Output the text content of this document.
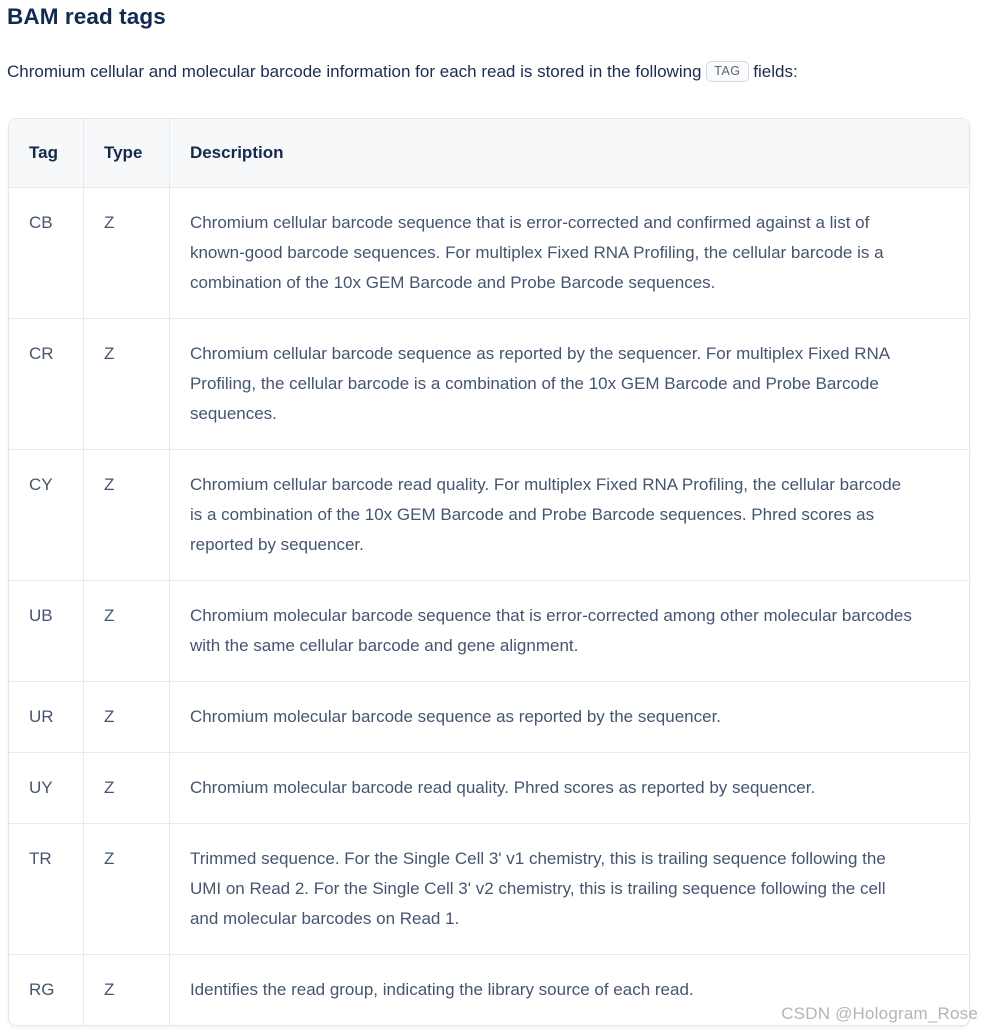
BAM read tags

Chromium cellular and molecular barcode information for each read is stored in the following TAG fields:

Tag	Type	Description
CB	Z	Chromium cellular barcode sequence that is error-corrected and confirmed against a list of known-good barcode sequences. For multiplex Fixed RNA Profiling, the cellular barcode is a combination of the 10x GEM Barcode and Probe Barcode sequences.
CR	Z	Chromium cellular barcode sequence as reported by the sequencer. For multiplex Fixed RNA Profiling, the cellular barcode is a combination of the 10x GEM Barcode and Probe Barcode sequences.
CY	Z	Chromium cellular barcode read quality. For multiplex Fixed RNA Profiling, the cellular barcode is a combination of the 10x GEM Barcode and Probe Barcode sequences. Phred scores as reported by sequencer.
UB	Z	Chromium molecular barcode sequence that is error-corrected among other molecular barcodes with the same cellular barcode and gene alignment.
UR	Z	Chromium molecular barcode sequence as reported by the sequencer.
UY	Z	Chromium molecular barcode read quality. Phred scores as reported by sequencer.
TR	Z	Trimmed sequence. For the Single Cell 3' v1 chemistry, this is trailing sequence following the UMI on Read 2. For the Single Cell 3' v2 chemistry, this is trailing sequence following the cell and molecular barcodes on Read 1.
RG	Z	Identifies the read group, indicating the library source of each read.
CSDN @Hologram_Rose
